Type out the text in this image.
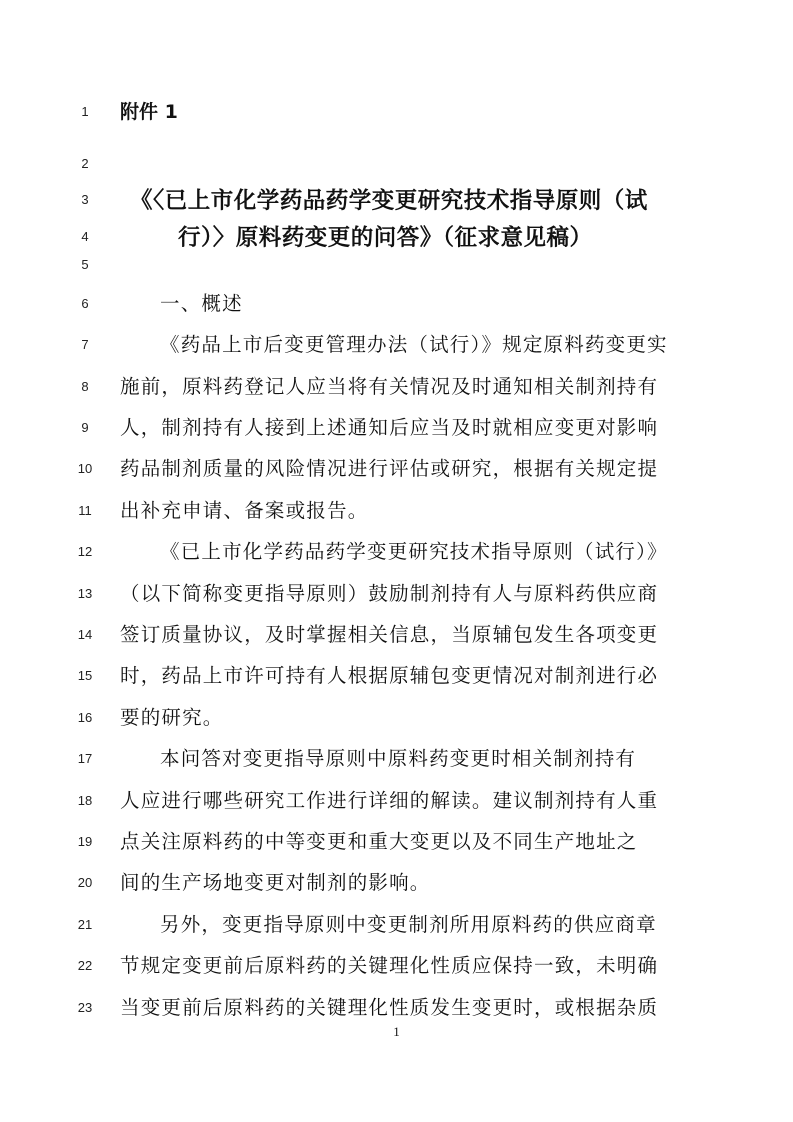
1
2
3
4
5
6
7
8
9
10
11
12
13
14
15
16
17
18
19
20
21
22
23
附件 1
《〈已上市化学药品药学变更研究技术指导原则（试
行）〉原料药变更的问答》（征求意见稿）
一、概述
《药品上市后变更管理办法（试行）》规定原料药变更实
施前，原料药登记人应当将有关情况及时通知相关制剂持有
人，制剂持有人接到上述通知后应当及时就相应变更对影响
药品制剂质量的风险情况进行评估或研究，根据有关规定提
出补充申请、备案或报告。
《已上市化学药品药学变更研究技术指导原则（试行）》
（以下简称变更指导原则）鼓励制剂持有人与原料药供应商
签订质量协议，及时掌握相关信息，当原辅包发生各项变更
时，药品上市许可持有人根据原辅包变更情况对制剂进行必
要的研究。
本问答对变更指导原则中原料药变更时相关制剂持有
人应进行哪些研究工作进行详细的解读。建议制剂持有人重
点关注原料药的中等变更和重大变更以及不同生产地址之
间的生产场地变更对制剂的影响。
另外，变更指导原则中变更制剂所用原料药的供应商章
节规定变更前后原料药的关键理化性质应保持一致，未明确
当变更前后原料药的关键理化性质发生变更时，或根据杂质
1
